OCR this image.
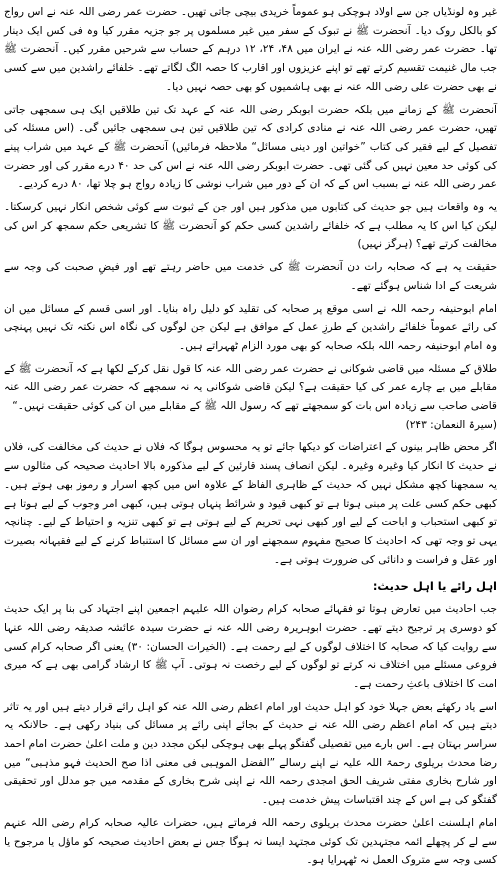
غیر وہ لونڈیاں جن سے اولاد ہوچکی ہو عموماً خریدی بیچی جاتی تھیں۔ حضرت عمر رضی اللہ عنہ نے اس رواج کو بالکل روک دیا۔ آنحضرت ﷺ نے تبوک کے سفر میں غیر مسلموں پر جو جزیہ مقرر کیا وہ فی کس ایک دینار تھا۔ حضرت عمر رضی اللہ عنہ نے ایران میں ۴۸، ۲۴، ۱۲ درہم کے حساب سے شرحیں مقرر کیں۔ آنحضرت ﷺ جب مال غنیمت تقسیم کرتے تھے تو اپنے عزیزوں اور اقارب کا حصہ الگ لگاتے تھے۔ خلفائے راشدین میں سے کسی نے بھی حضرت علی رضی اللہ عنہ نے بھی ہاشمیوں کو بھی حصہ نہیں دیا۔

آنحضرت ﷺ کے زمانے میں بلکہ حضرت ابوبکر رضی اللہ عنہ کے عہد تک تین طلاقیں ایک ہی سمجھی جاتی تھیں، حضرت عمر رضی اللہ عنہ نے منادی کرادی کہ تین طلاقیں تین ہی سمجھی جائیں گی۔ (اس مسئلہ کی تفصیل کے لیے فقیر کی کتاب ”خواتین اور دینی مسائل“ ملاحظہ فرمائیں) آنحضرت ﷺ کے عہد میں شراب پینے کی کوئی حد معین نہیں کی گئی تھی۔ حضرت ابوبکر رضی اللہ عنہ نے اس کی حد ۴۰ درے مقرر کی اور حضرت عمر رضی اللہ عنہ نے بسبب اس کے کہ ان کے دور میں شراب نوشی کا زیادہ رواج ہو چلا تھا، ۸۰ درے کردیے۔

یہ وہ واقعات ہیں جو حدیث کی کتابوں میں مذکور ہیں اور جن کے ثبوت سے کوئی شخص انکار نہیں کرسکتا۔ لیکن کیا اس کا یہ مطلب ہے کہ خلفائے راشدین کسی حکم کو آنحضرت ﷺ کا تشریعی حکم سمجھ کر اس کی مخالفت کرتے تھے؟ (ہرگز نہیں)

حقیقت یہ ہے کہ صحابہ رات دن آنحضرت ﷺ کی خدمت میں حاضر رہتے تھے اور فیضِ صحبت کی وجہ سے شریعت کے ادا شناس ہوگئے تھے۔

امام ابوحنیفہ رحمہ اللہ نے اسی موقع پر صحابہ کی تقلید کو دلیل راہ بنایا۔ اور اسی قسم کے مسائل میں ان کی رائے عموماً خلفائے راشدین کے طرزِ عمل کے موافق ہے لیکن جن لوگوں کی نگاہ اس نکتہ تک نہیں پہنچی وہ امام ابوحنیفہ رحمہ اللہ بلکہ صحابہ کو بھی مورد الزام ٹھہراتے ہیں۔

طلاق کے مسئلہ میں قاضی شوکانی نے حضرت عمر رضی اللہ عنہ کا قول نقل کرکے لکھا ہے کہ آنحضرت ﷺ کے مقابلے میں بے چارے عمر کی کیا حقیقت ہے؟ لیکن قاضی شوکانی یہ نہ سمجھے کہ حضرت عمر رضی اللہ عنہ قاضی صاحب سے زیادہ اس بات کو سمجھتے تھے کہ رسول اللہ ﷺ کے مقابلے میں ان کی کوئی حقیقت نہیں۔“

(سیرۃ النعمان: ۲۴۳)

اگر محض ظاہر بینوں کے اعتراضات کو دیکھا جائے تو یہ محسوس ہوگا کہ فلاں نے حدیث کی مخالفت کی، فلاں نے حدیث کا انکار کیا وغیرہ وغیرہ۔ لیکن انصاف پسند قارئین کے لیے مذکورہ بالا احادیث صحیحہ کی مثالوں سے یہ سمجھنا کچھ مشکل نہیں کہ حدیث کے ظاہری الفاظ کے علاوہ اس میں کچھ اسرار و رموز بھی ہوتے ہیں۔ کبھی حکم کسی علت پر مبنی ہوتا ہے تو کبھی قیود و شرائط پنہاں ہوتی ہیں، کبھی امر وجوب کے لیے ہوتا ہے تو کبھی استحباب و اباحت کے لیے اور کبھی نہی تحریم کے لیے ہوتی ہے تو کبھی تنزیہ و احتیاط کے لیے۔ چنانچہ یہی تو وجہ تھی کہ احادیث کا صحیح مفہوم سمجھنے اور ان سے مسائل کا استنباط کرنے کے لیے فقیہانہ بصیرت اور عقل و فراست و دانائی کی ضرورت ہوتی ہے۔

اہل رائے یا اہل حدیث:

جب احادیث میں تعارض ہوتا تو فقہائے صحابہ کرام رضوان اللہ علیہم اجمعین اپنے اجتہاد کی بنا پر ایک حدیث کو دوسری پر ترجیح دیتے تھے۔ حضرت ابوہریرہ رضی اللہ عنہ نے حضرت سیدہ عائشہ صدیقہ رضی اللہ عنہا سے روایت کیا کہ صحابہ کا اختلاف لوگوں کے لیے رحمت ہے۔ (الخیرات الحسان: ۳۰) یعنی اگر صحابہ کرام کسی فروعی مسئلے میں اختلاف نہ کرتے تو لوگوں کے لیے رخصت نہ ہوتی۔ آپ ﷺ کا ارشاد گرامی بھی ہے کہ میری امت کا اختلاف باعثِ رحمت ہے۔

اسے یاد رکھئے بعض جہلا خود کو اہل حدیث اور امام اعظم رضی اللہ عنہ کو اہل رائے قرار دیتے ہیں اور یہ تاثر دیتے ہیں کہ امام اعظم رضی اللہ عنہ نے حدیث کے بجائے اپنی رائے پر مسائل کی بنیاد رکھی ہے۔ حالانکہ یہ سراسر بہتان ہے۔ اس بارے میں تفصیلی گفتگو پہلے بھی ہوچکی لیکن مجدد دین و ملت اعلیٰ حضرت امام احمد رضا محدث بریلوی رحمۃ اللہ علیہ نے اپنے رسالے ”الفضل الموہبی فی معنی اذا صح الحدیث فہو مذہبی“ میں اور شارح بخاری مفتی شریف الحق امجدی رحمہ اللہ نے اپنی شرح بخاری کے مقدمہ میں جو مدلل اور تحقیقی گفتگو کی ہے اس کے چند اقتباسات پیش خدمت ہیں۔

امام اہلسنت اعلیٰ حضرت محدث بریلوی رحمہ اللہ فرماتے ہیں، حضرات عالیہ صحابہ کرام رضی اللہ عنہم سے لے کر پچھلے ائمہ مجتہدین تک کوئی مجتہد ایسا نہ ہوگا جس نے بعض احادیث صحیحہ کو ماؤل یا مرجوح یا کسی وجہ سے متروک العمل نہ ٹھہرایا ہو۔
